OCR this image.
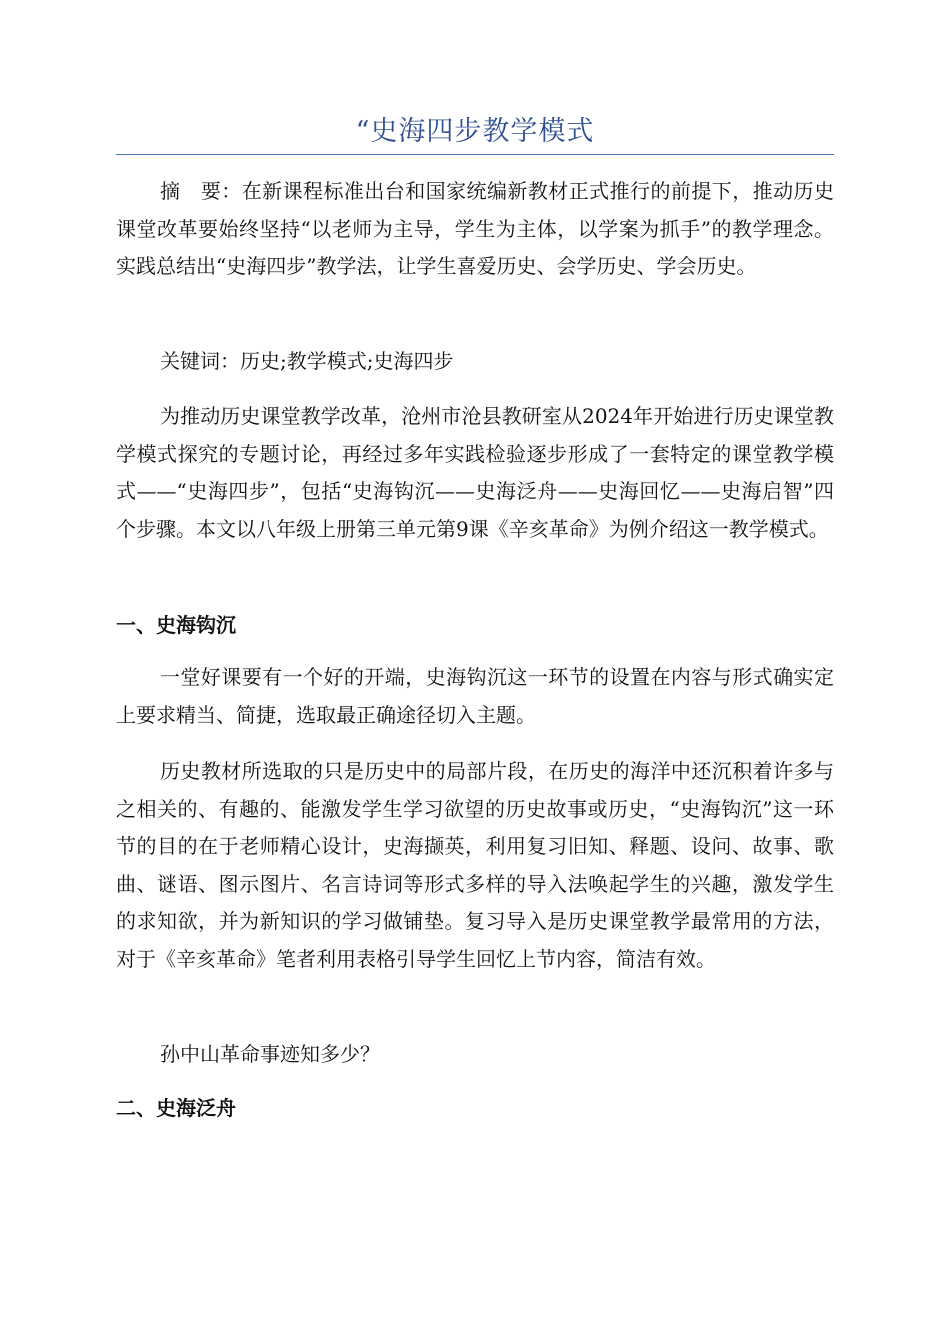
“史海四步教学模式

摘　要：在新课程标准出台和国家统编新教材正式推行的前提下，推动历史课堂改革要始终坚持“以老师为主导，学生为主体，以学案为抓手”的教学理念。实践总结出“史海四步”教学法，让学生喜爱历史、会学历史、学会历史。

关键词：历史;教学模式;史海四步

为推动历史课堂教学改革，沧州市沧县教研室从2024年开始进行历史课堂教学模式探究的专题讨论，再经过多年实践检验逐步形成了一套特定的课堂教学模式——“史海四步”，包括“史海钩沉——史海泛舟——史海回忆——史海启智”四个步骤。本文以八年级上册第三单元第9课《辛亥革命》为例介绍这一教学模式。

一、史海钩沉

一堂好课要有一个好的开端，史海钩沉这一环节的设置在内容与形式确实定上要求精当、简捷，选取最正确途径切入主题。

历史教材所选取的只是历史中的局部片段，在历史的海洋中还沉积着许多与之相关的、有趣的、能激发学生学习欲望的历史故事或历史，“史海钩沉”这一环节的目的在于老师精心设计，史海撷英，利用复习旧知、释题、设问、故事、歌曲、谜语、图示图片、名言诗词等形式多样的导入法唤起学生的兴趣，激发学生的求知欲，并为新知识的学习做铺垫。复习导入是历史课堂教学最常用的方法，对于《辛亥革命》笔者利用表格引导学生回忆上节内容，简洁有效。

孙中山革命事迹知多少？

二、史海泛舟
